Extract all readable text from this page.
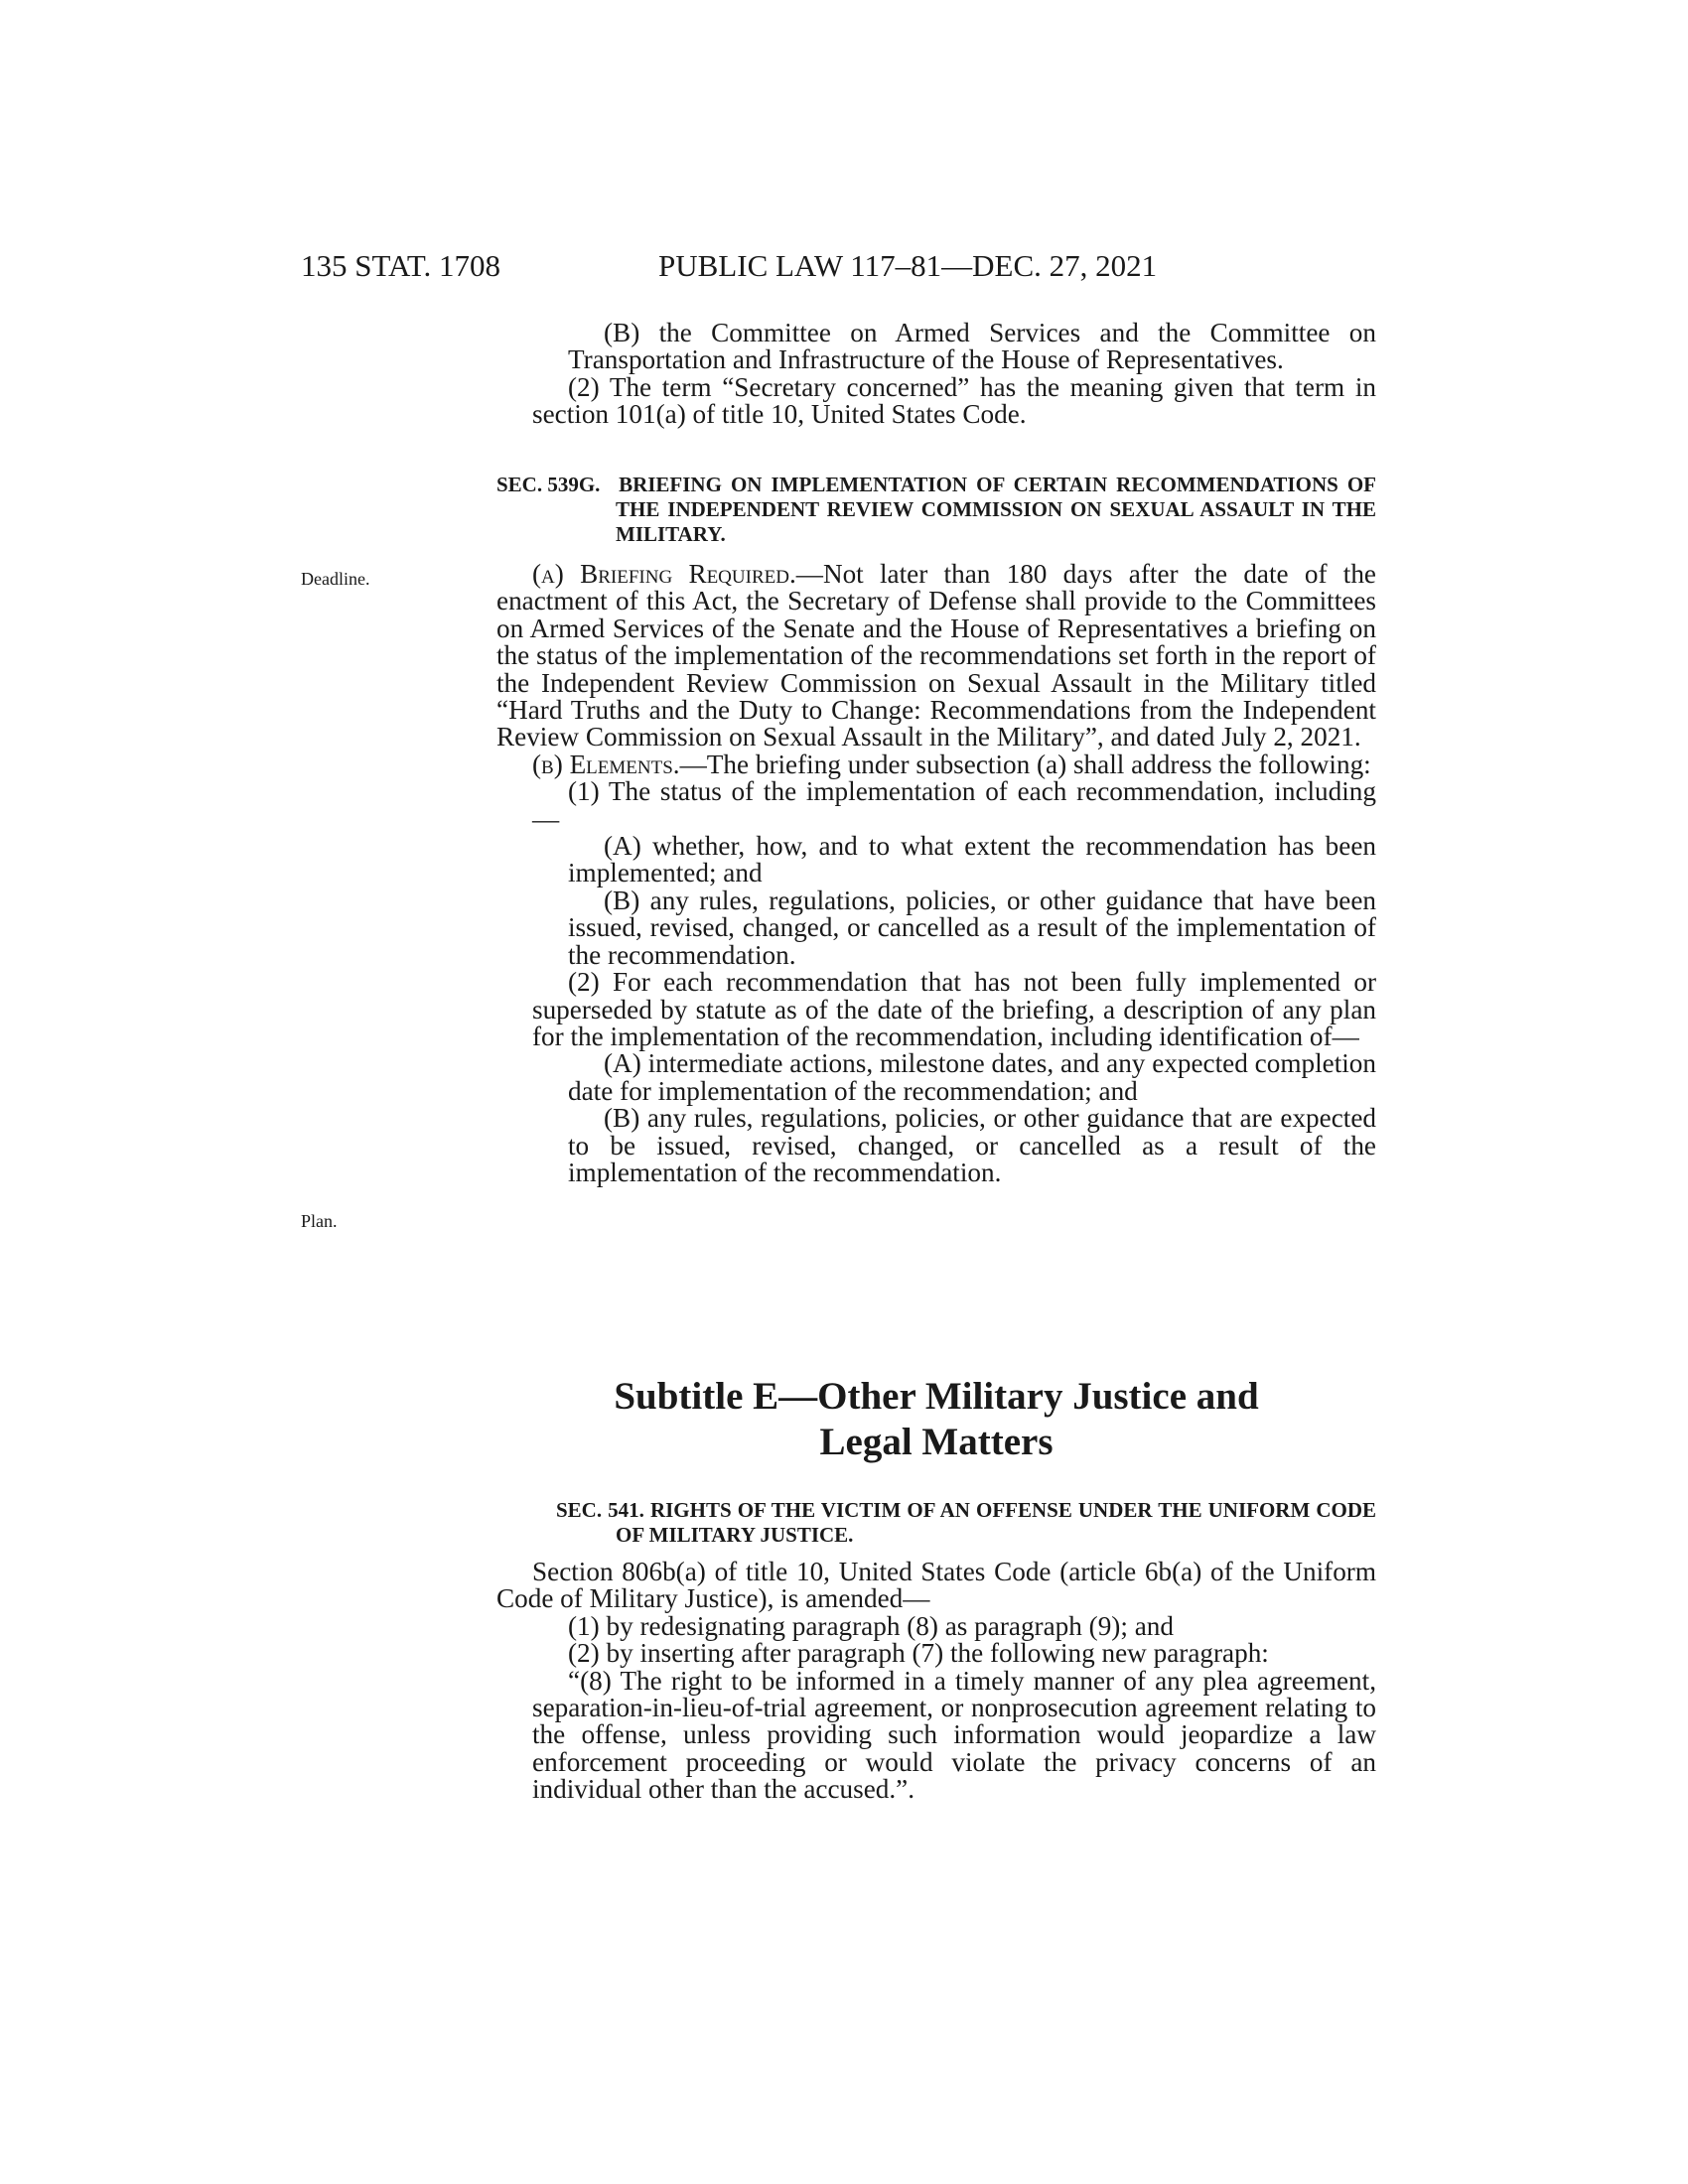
135 STAT. 1708	PUBLIC LAW 117–81—DEC. 27, 2021
Deadline.
Plan.

(B) the Committee on Armed Services and the Committee on Transportation and Infrastructure of the House of Representatives.

(2) The term “Secretary concerned” has the meaning given that term in section 101(a) of title 10, United States Code.

SEC. 539G. BRIEFING ON IMPLEMENTATION OF CERTAIN RECOMMENDATIONS OF THE INDEPENDENT REVIEW COMMISSION ON SEXUAL ASSAULT IN THE MILITARY.

(a) Briefing Required.—Not later than 180 days after the date of the enactment of this Act, the Secretary of Defense shall provide to the Committees on Armed Services of the Senate and the House of Representatives a briefing on the status of the implementation of the recommendations set forth in the report of the Independent Review Commission on Sexual Assault in the Military titled “Hard Truths and the Duty to Change: Recommendations from the Independent Review Commission on Sexual Assault in the Military”, and dated July 2, 2021.

(b) Elements.—The briefing under subsection (a) shall address the following:

(1) The status of the implementation of each recommendation, including—

(A) whether, how, and to what extent the recommendation has been implemented; and

(B) any rules, regulations, policies, or other guidance that have been issued, revised, changed, or cancelled as a result of the implementation of the recommendation.

(2) For each recommendation that has not been fully implemented or superseded by statute as of the date of the briefing, a description of any plan for the implementation of the recommendation, including identification of—

(A) intermediate actions, milestone dates, and any expected completion date for implementation of the recommendation; and

(B) any rules, regulations, policies, or other guidance that are expected to be issued, revised, changed, or cancelled as a result of the implementation of the recommendation.

Subtitle E—Other Military Justice and

Legal Matters

SEC. 541. RIGHTS OF THE VICTIM OF AN OFFENSE UNDER THE UNIFORM CODE OF MILITARY JUSTICE.

Section 806b(a) of title 10, United States Code (article 6b(a) of the Uniform Code of Military Justice), is amended—

(1) by redesignating paragraph (8) as paragraph (9); and

(2) by inserting after paragraph (7) the following new paragraph:

“(8) The right to be informed in a timely manner of any plea agreement, separation-in-lieu-of-trial agreement, or nonprosecution agreement relating to the offense, unless providing such information would jeopardize a law enforcement proceeding or would violate the privacy concerns of an individual other than the accused.”.
